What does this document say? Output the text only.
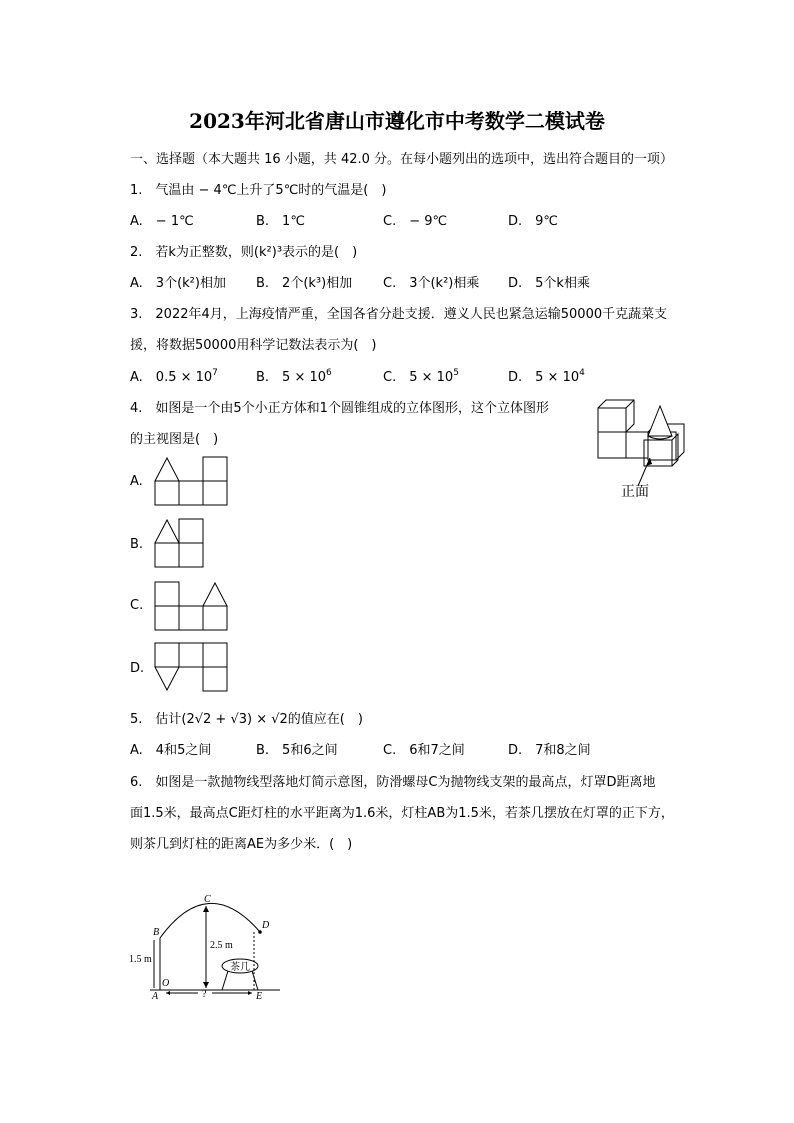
2023年河北省唐山市遵化市中考数学二模试卷
一、选择题（本大题共 16 小题，共 42.0 分。在每小题列出的选项中，选出符合题目的一项）
1.　气温由 − 4℃上升了5℃时的气温是(　)
A.　− 1℃	B.　1℃	C.　− 9℃	D.　9℃
2.　若k为正整数，则(k²)³表示的是(　)
A.　3个(k²)相加 B.　2个(k³)相加 C.　3个(k²)相乘 D.　5个k相乘
3.　2022年4月，上海疫情严重，全国各省分赴支援．遵义人民也紧急运输50000千克蔬菜支
援，将数据50000用科学记数法表示为(　)
A.　$0.5 \times 10^7$	B.　$5 \times 10^6$	C.　$5 \times 10^5$	D.　$5 \times 10^4$
4.　如图是一个由5个小正方体和1个圆锥组成的立体图形，这个立体图形
的主视图是(　)
正面
A.
B.
C.
D.
5.　估计(2√2 + √3) × √2的值应在(　)
A.　4和5之间	B.　5和6之间	C.　6和7之间	D.　7和8之间
6.　如图是一款抛物线型落地灯简示意图，防滑螺母C为抛物线支架的最高点，灯罩D距离地
面1.5米，最高点C距灯柱的水平距离为1.6米，灯柱AB为1.5米，若茶几摆放在灯罩的正下方，
则茶几到灯柱的距离AE为多少米．(　)
C
D
B
A
O
E
2.5 m
1.5 m
?
茶几
